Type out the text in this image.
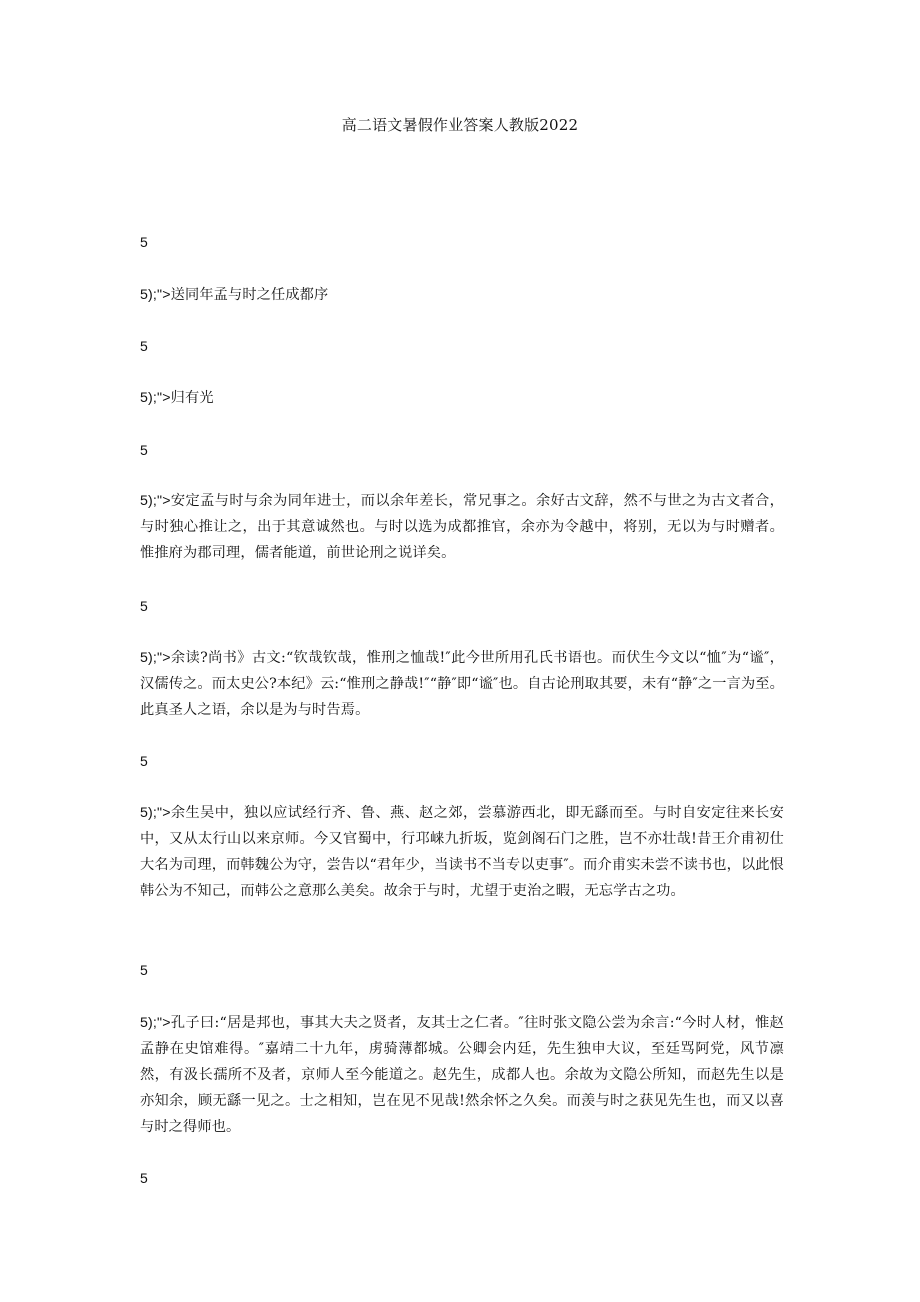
高二语文暑假作业答案人教版2022
5
5);">送同年孟与时之任成都序
5
5);">归有光
5
5);">安定孟与时与余为同年进士，而以余年差长，常兄事之。余好古文辞，然不与世之为古文者合，与时独心推让之，出于其意诚然也。与时以选为成都推官，余亦为令越中，将别，无以为与时赠者。惟推府为郡司理，儒者能道，前世论刑之说详矣。
5
5);">余读?尚书》古文:“钦哉钦哉，惟刑之恤哉!″此今世所用孔氏书语也。而伏生今文以“恤″为“谧″，汉儒传之。而太史公?本纪》云:“惟刑之静哉!″“静″即“谧″也。自古论刑取其要，未有“静″之一言为至。此真圣人之语，余以是为与时告焉。
5
5);">余生吴中，独以应试经行齐、鲁、燕、赵之郊，尝慕游西北，即无繇而至。与时自安定往来长安中，又从太行山以来京师。今又官蜀中，行邛崃九折坂，览剑阁石门之胜，岂不亦壮哉!昔王介甫初仕大名为司理，而韩魏公为守，尝告以“君年少，当读书不当专以吏事″。而介甫实未尝不读书也，以此恨韩公为不知己，而韩公之意那么美矣。故余于与时，尤望于吏治之暇，无忘学古之功。
5
5);">孔子曰:“居是邦也，事其大夫之贤者，友其士之仁者。″往时张文隐公尝为余言:“今时人材，惟赵孟静在史馆难得。″嘉靖二十九年，虏骑薄都城。公卿会内廷，先生独申大议，至廷骂阿党，风节凛然，有汲长孺所不及者，京师人至今能道之。赵先生，成都人也。余故为文隐公所知，而赵先生以是亦知余，顾无繇一见之。士之相知，岂在见不见哉!然余怀之久矣。而羡与时之获见先生也，而又以喜与时之得师也。
5
